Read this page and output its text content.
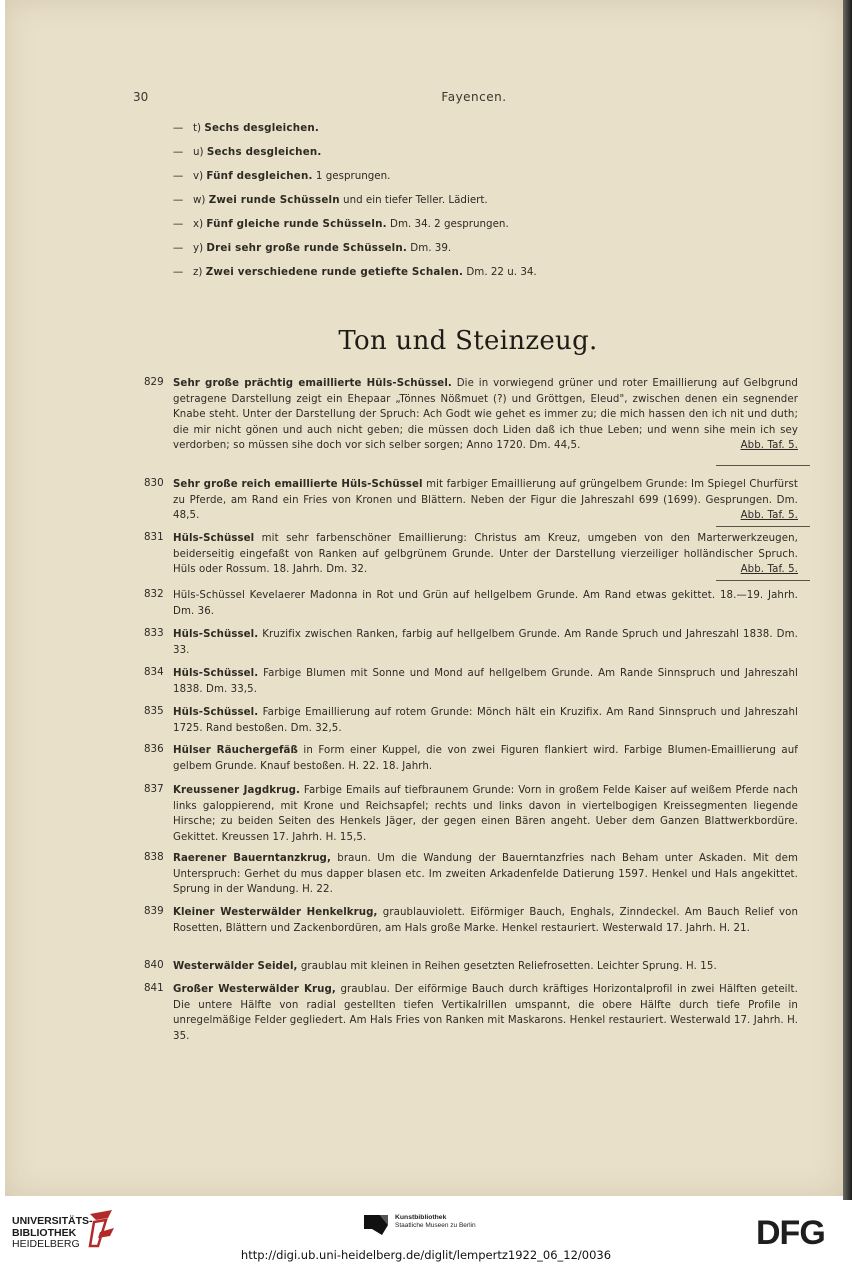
30	Fayencen.
— t) Sechs desgleichen.
— u) Sechs desgleichen.
— v) Fünf desgleichen. 1 gesprungen.
— w) Zwei runde Schüsseln und ein tiefer Teller. Lädiert.
— x) Fünf gleiche runde Schüsseln. Dm. 34. 2 gesprungen.
— y) Drei sehr große runde Schüsseln. Dm. 39.
— z) Zwei verschiedene runde getiefte Schalen. Dm. 22 u. 34.
Ton und Steinzeug.
829 Sehr große prächtig emaillierte Hüls-Schüssel. Die in vorwiegend grüner und roter Emaillierung auf Gelbgrund getragene Darstellung zeigt ein Ehepaar „Tönnes Nößmuet (?) und Gröttgen, Eleud", zwischen denen ein segnender Knabe steht. Unter der Darstellung der Spruch: Ach Godt wie gehet es immer zu; die mich hassen den ich nit und duth; die mir nicht gönen und auch nicht geben; die müssen doch Liden daß ich thue Leben; und wenn sihe mein ich sey verdorben; so müssen sihe doch vor sich selber sorgen; Anno 1720. Dm. 44,5.	Abb. Taf. 5.
830 Sehr große reich emaillierte Hüls-Schüssel mit farbiger Emaillierung auf grüngelbem Grunde: Im Spiegel Churfürst zu Pferde, am Rand ein Fries von Kronen und Blättern. Neben der Figur die Jahreszahl 699 (1699). Gesprungen. Dm. 48,5.	Abb. Taf. 5.
831 Hüls-Schüssel mit sehr farbenschöner Emaillierung: Christus am Kreuz, umgeben von den Marterwerkzeugen, beiderseitig eingefaßt von Ranken auf gelbgrünem Grunde. Unter der Darstellung vierzeiliger holländischer Spruch. Hüls oder Rossum. 18. Jahrh. Dm. 32.	Abb. Taf. 5.
832 Hüls-Schüssel Kevelaerer Madonna in Rot und Grün auf hellgelbem Grunde. Am Rand etwas gekittet. 18.—19. Jahrh. Dm. 36.
833 Hüls-Schüssel. Kruzifix zwischen Ranken, farbig auf hellgelbem Grunde. Am Rande Spruch und Jahreszahl 1838. Dm. 33.
834 Hüls-Schüssel. Farbige Blumen mit Sonne und Mond auf hellgelbem Grunde. Am Rande Sinnspruch und Jahreszahl 1838. Dm. 33,5.
835 Hüls-Schüssel. Farbige Emaillierung auf rotem Grunde: Mönch hält ein Kruzifix. Am Rand Sinnspruch und Jahreszahl 1725. Rand bestoßen. Dm. 32,5.
836 Hülser Räuchergefäß in Form einer Kuppel, die von zwei Figuren flankiert wird. Farbige Blumen-Emaillierung auf gelbem Grunde. Knauf bestoßen. H. 22. 18. Jahrh.
837 Kreussener Jagdkrug. Farbige Emails auf tiefbraunem Grunde: Vorn in großem Felde Kaiser auf weißem Pferde nach links galoppierend, mit Krone und Reichsapfel; rechts und links davon in viertelbogigen Kreissegmenten liegende Hirsche; zu beiden Seiten des Henkels Jäger, der gegen einen Bären angeht. Ueber dem Ganzen Blattwerkbordüre. Gekittet. Kreussen 17. Jahrh. H. 15,5.
838 Raerener Bauerntanzkrug, braun. Um die Wandung der Bauerntanzfries nach Beham unter Askaden. Mit dem Unterspruch: Gerhet du mus dapper blasen etc. Im zweiten Arkadenfelde Datierung 1597. Henkel und Hals angekittet. Sprung in der Wandung. H. 22.
839 Kleiner Westerwälder Henkelkrug, graublauviolett. Eiförmiger Bauch, Enghals, Zinndeckel. Am Bauch Relief von Rosetten, Blättern und Zackenbordüren, am Hals große Marke. Henkel restauriert. Westerwald 17. Jahrh. H. 21.
840 Westerwälder Seidel, graublau mit kleinen in Reihen gesetzten Reliefrosetten. Leichter Sprung. H. 15.
841 Großer Westerwälder Krug, graublau. Der eiförmige Bauch durch kräftiges Horizontalprofil in zwei Hälften geteilt. Die untere Hälfte von radial gestellten tiefen Vertikalrillen umspannt, die obere Hälfte durch tiefe Profile in unregelmäßige Felder gegliedert. Am Hals Fries von Ranken mit Maskarons. Henkel restauriert. Westerwald 17. Jahrh. H. 35.
UNIVERSITÄTS-
BIBLIOTHEK
HEIDELBERG
Kunstbibliothek
Staatliche Museen zu Berlin	DFG
http://digi.ub.uni-heidelberg.de/diglit/lempertz1922_06_12/0036
